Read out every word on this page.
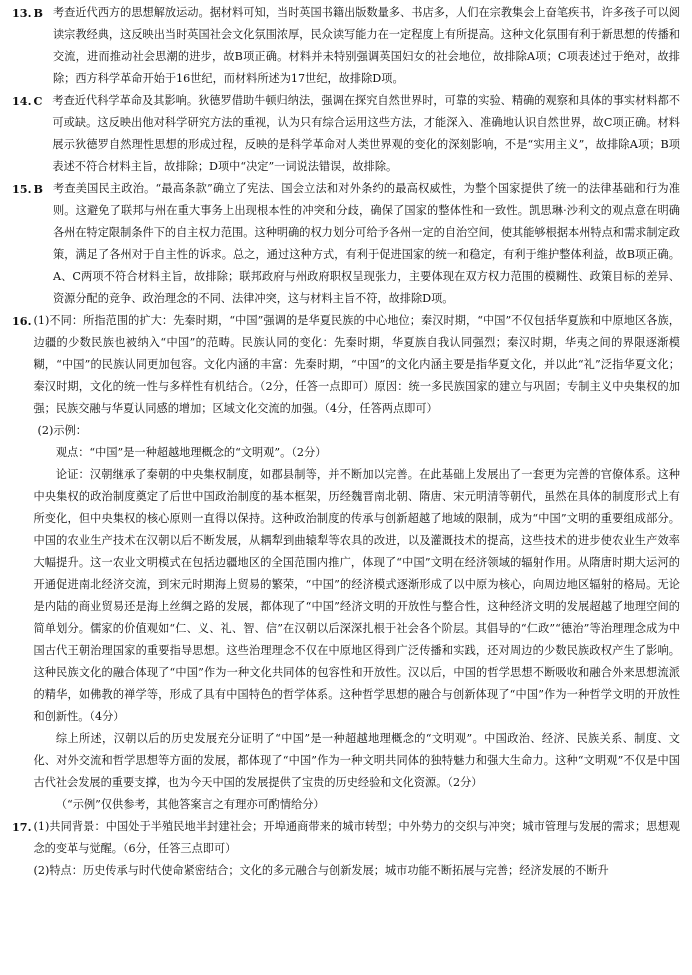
13. B 考查近代西方的思想解放运动。据材料可知，当时英国书籍出版数量多、书店多，人们在宗教集会上奋笔疾书，许多孩子可以阅读宗教经典，这反映出当时英国社会文化氛围浓厚，民众读写能力在一定程度上有所提高。这种文化氛围有利于新思想的传播和交流，进而推动社会思潮的进步，故B项正确。材料并未特别强调英国妇女的社会地位，故排除A项；C项表述过于绝对，故排除；西方科学革命开始于16世纪，而材料所述为17世纪，故排除D项。
14. C 考查近代科学革命及其影响。狄德罗借助牛顿归纳法，强调在探究自然世界时，可靠的实验、精确的观察和具体的事实材料都不可或缺。这反映出他对科学研究方法的重视，认为只有综合运用这些方法，才能深入、准确地认识自然世界，故C项正确。材料展示狄德罗自然理性思想的形成过程，反映的是科学革命对人类世界观的变化的深刻影响，不是“实用主义”，故排除A项；B项表述不符合材料主旨，故排除；D项中“决定”一词说法错误，故排除。
15. B 考查美国民主政治。“最高条款”确立了宪法、国会立法和对外条约的最高权威性，为整个国家提供了统一的法律基础和行为准则。这避免了联邦与州在重大事务上出现根本性的冲突和分歧，确保了国家的整体性和一致性。凯思琳·沙利文的观点意在明确各州在特定限制条件下的自主权力范围。这种明确的权力划分可给予各州一定的自治空间，使其能够根据本州特点和需求制定政策，满足了各州对于自主性的诉求。总之，通过这种方式，有利于促进国家的统一和稳定，有利于维护整体利益，故B项正确。A、C两项不符合材料主旨，故排除；联邦政府与州政府职权呈现张力，主要体现在双方权力范围的模糊性、政策目标的差异、资源分配的竞争、政治理念的不同、法律冲突，这与材料主旨不符，故排除D项。
16. (1)不同：所指范围的扩大：先秦时期，“中国”强调的是华夏民族的中心地位；秦汉时期，“中国”不仅包括华夏族和中原地区各族，边疆的少数民族也被纳入“中国”的范畴。民族认同的变化：先秦时期，华夏族自我认同强烈；秦汉时期，华夷之间的界限逐渐模糊，“中国”的民族认同更加包容。文化内涵的丰富：先秦时期，“中国”的文化内涵主要是指华夏文化，并以此“礼”泛指华夏文化；秦汉时期，文化的统一性与多样性有机结合。（2分，任答一点即可）原因：统一多民族国家的建立与巩固；专制主义中央集权的加强；民族交融与华夏认同感的增加；区域文化交流的加强。（4分，任答两点即可）

(2)示例：

观点：“中国”是一种超越地理概念的“文明观”。（2分）

论证：汉朝继承了秦朝的中央集权制度，如郡县制等，并不断加以完善。在此基础上发展出了一套更为完善的官僚体系。这种中央集权的政治制度奠定了后世中国政治制度的基本框架，历经魏晋南北朝、隋唐、宋元明清等朝代，虽然在具体的制度形式上有所变化，但中央集权的核心原则一直得以保持。这种政治制度的传承与创新超越了地域的限制，成为“中国”文明的重要组成部分。中国的农业生产技术在汉朝以后不断发展，从耦犁到曲辕犁等农具的改进，以及灌溉技术的提高，这些技术的进步使农业生产效率大幅提升。这一农业文明模式在包括边疆地区的全国范围内推广，体现了“中国”文明在经济领域的辐射作用。从隋唐时期大运河的开通促进南北经济交流，到宋元时期海上贸易的繁荣，“中国”的经济模式逐渐形成了以中原为核心，向周边地区辐射的格局。无论是内陆的商业贸易还是海上丝绸之路的发展，都体现了“中国”经济文明的开放性与整合性，这种经济文明的发展超越了地理空间的简单划分。儒家的价值观如“仁、义、礼、智、信”在汉朝以后深深扎根于社会各个阶层。其倡导的“仁政”“德治”等治理理念成为中国古代王朝治理国家的重要指导思想。这些治理理念不仅在中原地区得到广泛传播和实践，还对周边的少数民族政权产生了影响。这种民族文化的融合体现了“中国”作为一种文化共同体的包容性和开放性。汉以后，中国的哲学思想不断吸收和融合外来思想流派的精华，如佛教的禅学等，形成了具有中国特色的哲学体系。这种哲学思想的融合与创新体现了“中国”作为一种哲学文明的开放性和创新性。（4分）

综上所述，汉朝以后的历史发展充分证明了“中国”是一种超越地理概念的“文明观”。中国政治、经济、民族关系、制度、文化、对外交流和哲学思想等方面的发展，都体现了“中国”作为一种文明共同体的独特魅力和强大生命力。这种“文明观”不仅是中国古代社会发展的重要支撑，也为今天中国的发展提供了宝贵的历史经验和文化资源。（2分）

（“示例”仅供参考，其他答案言之有理亦可酌情给分）

17. (1)共同背景：中国处于半殖民地半封建社会；开埠通商带来的城市转型；中外势力的交织与冲突；城市管理与发展的需求；思想观念的变革与觉醒。（6分，任答三点即可）

(2)特点：历史传承与时代使命紧密结合；文化的多元融合与创新发展；城市功能不断拓展与完善；经济发展的不断升
